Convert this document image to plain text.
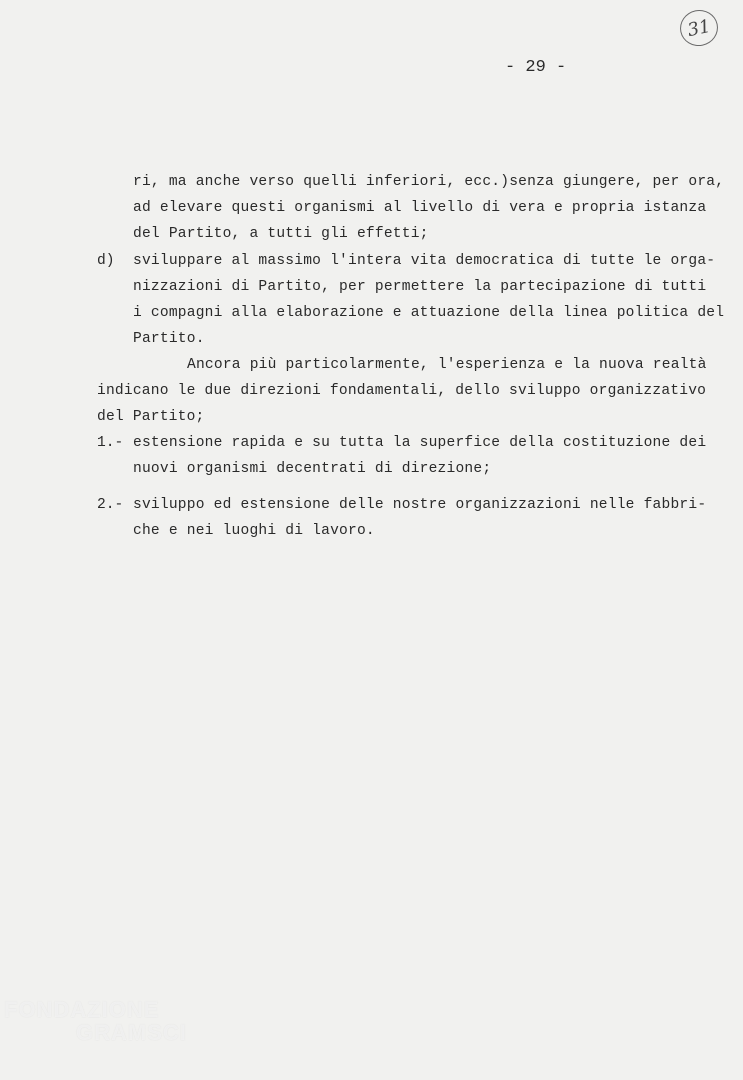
31
- 29 -
ri, ma anche verso quelli inferiori, ecc.)senza giungere, per ora,
ad elevare questi organismi al livello di vera e propria istanza
del Partito, a tutti gli effetti;
d) sviluppare al massimo l'intera vita democratica di tutte le orga-
nizzazioni di Partito, per permettere la partecipazione di tutti
i compagni alla elaborazione e attuazione della linea politica del
Partito.
Ancora più particolarmente, l'esperienza e la nuova realtà
indicano le due direzioni fondamentali, dello sviluppo organizzativo
del Partito;
1.- estensione rapida e su tutta la superfice della costituzione dei
nuovi organismi decentrati di direzione;
2.- sviluppo ed estensione delle nostre organizzazioni nelle fabbri-
che e nei luoghi di lavoro.
FONDAZIONE
GRAMSCI
